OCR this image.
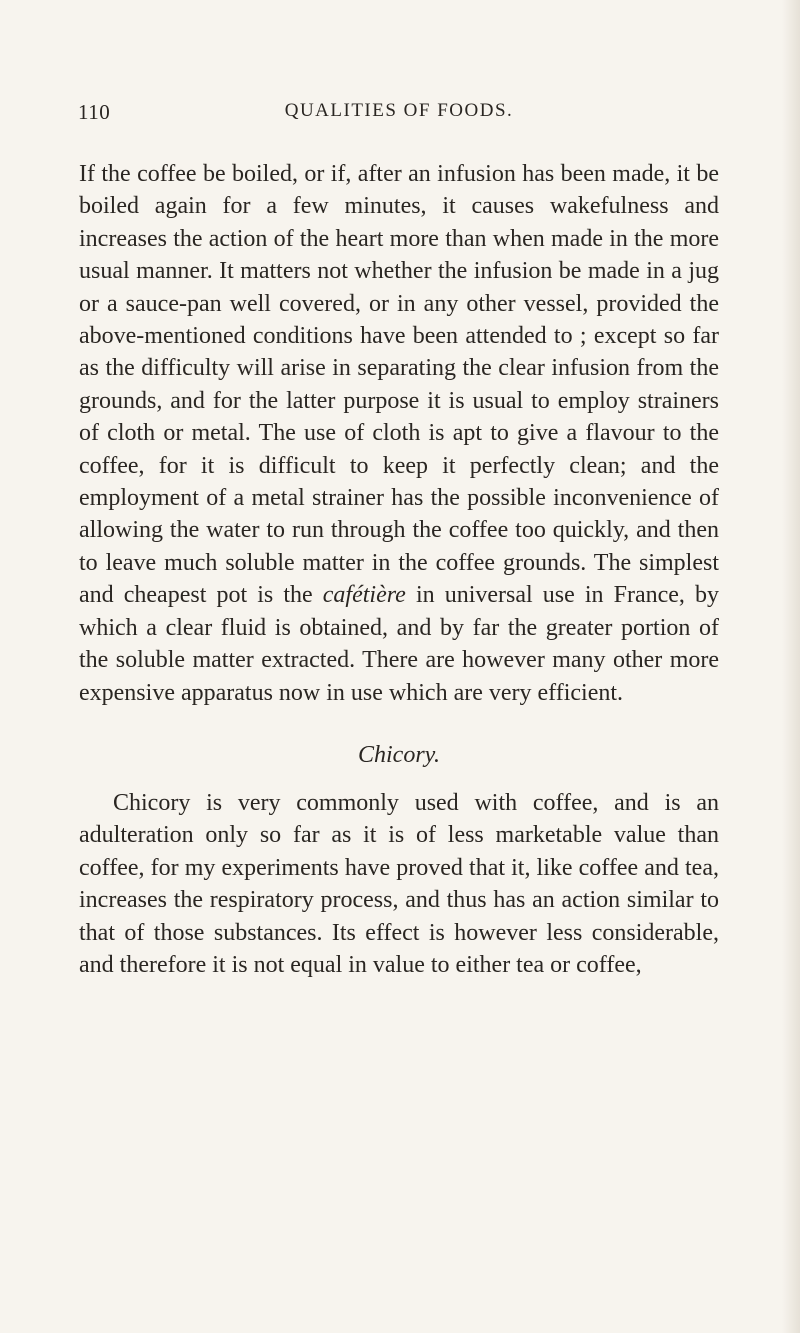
110	QUALITIES OF FOODS.

If the coffee be boiled, or if, after an infusion has been made, it be boiled again for a few minutes, it causes wakefulness and increases the action of the heart more than when made in the more usual manner. It matters not whether the infusion be made in a jug or a sauce-pan well covered, or in any other vessel, provided the above-mentioned conditions have been attended to ; except so far as the difficulty will arise in separating the clear infusion from the grounds, and for the latter purpose it is usual to employ strainers of cloth or metal. The use of cloth is apt to give a flavour to the coffee, for it is difficult to keep it perfectly clean; and the employment of a metal strainer has the possible inconvenience of allowing the water to run through the coffee too quickly, and then to leave much soluble matter in the coffee grounds. The simplest and cheapest pot is the cafétière in universal use in France, by which a clear fluid is obtained, and by far the greater portion of the soluble matter extracted. There are however many other more expensive apparatus now in use which are very efficient.

Chicory.

Chicory is very commonly used with coffee, and is an adulteration only so far as it is of less marketable value than coffee, for my experiments have proved that it, like coffee and tea, increases the respiratory process, and thus has an action similar to that of those substances. Its effect is however less considerable, and therefore it is not equal in value to either tea or coffee,
